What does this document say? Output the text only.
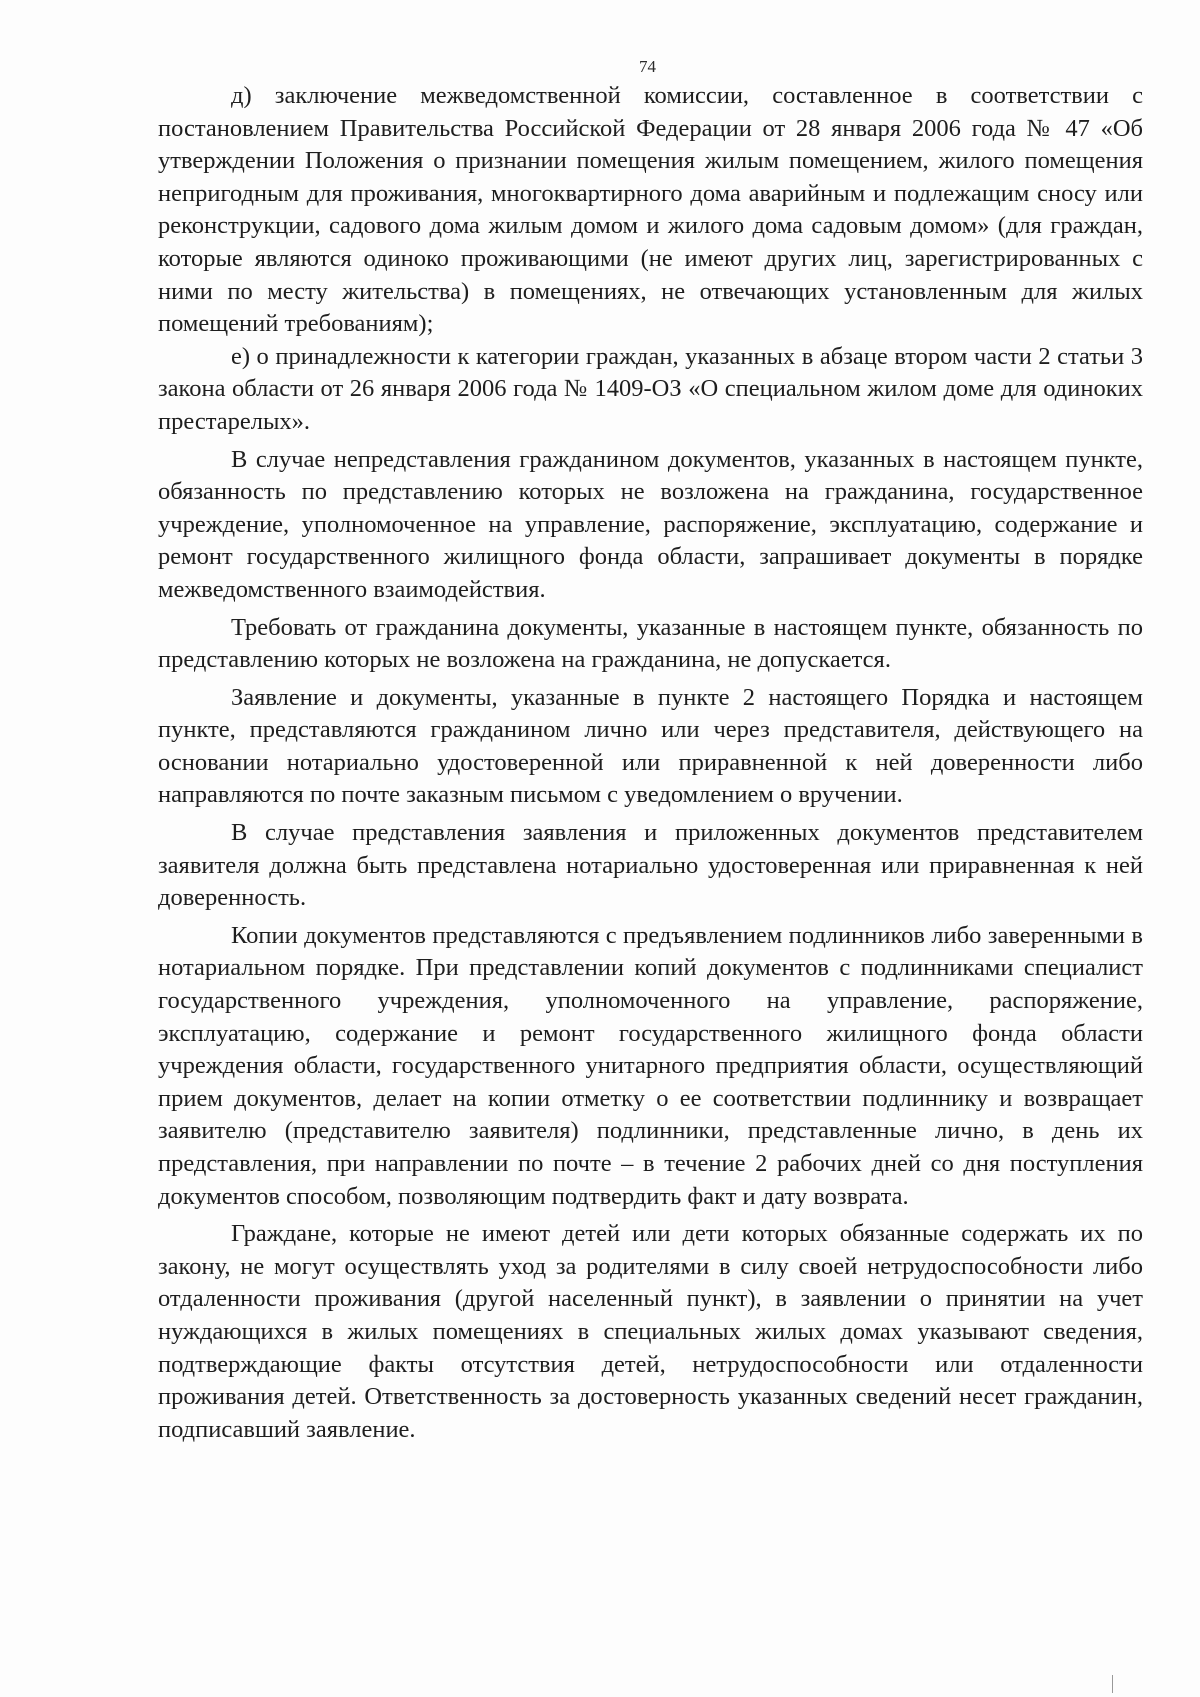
74

д) заключение межведомственной комиссии, составленное в соответствии с постановлением Правительства Российской Федерации от 28 января 2006 года № 47 «Об утверждении Положения о признании помещения жилым помещением, жилого помещения непригодным для проживания, многоквартирного дома аварийным и подлежащим сносу или реконструкции, садового дома жилым домом и жилого дома садовым домом» (для граждан, которые являются одиноко проживающими (не имеют других лиц, зарегистрированных с ними по месту жительства) в помещениях, не отвечающих установленным для жилых помещений требованиям);

е) о принадлежности к категории граждан, указанных в абзаце втором части 2 статьи 3 закона области от 26 января 2006 года № 1409-ОЗ «О специальном жилом доме для одиноких престарелых».

В случае непредставления гражданином документов, указанных в настоящем пункте, обязанность по представлению которых не возложена на гражданина, государственное учреждение, уполномоченное на управление, распоряжение, эксплуатацию, содержание и ремонт государственного жилищного фонда области, запрашивает документы в порядке межведомственного взаимодействия.

Требовать от гражданина документы, указанные в настоящем пункте, обязанность по представлению которых не возложена на гражданина, не допускается.

Заявление и документы, указанные в пункте 2 настоящего Порядка и настоящем пункте, представляются гражданином лично или через представителя, действующего на основании нотариально удостоверенной или приравненной к ней доверенности либо направляются по почте заказным письмом с уведомлением о вручении.

В случае представления заявления и приложенных документов представителем заявителя должна быть представлена нотариально удостоверенная или приравненная к ней доверенность.

Копии документов представляются с предъявлением подлинников либо заверенными в нотариальном порядке. При представлении копий документов с подлинниками специалист государственного учреждения, уполномоченного на управление, распоряжение, эксплуатацию, содержание и ремонт государственного жилищного фонда области учреждения области, государственного унитарного предприятия области, осуществляющий прием документов, делает на копии отметку о ее соответствии подлиннику и возвращает заявителю (представителю заявителя) подлинники, представленные лично, в день их представления, при направлении по почте – в течение 2 рабочих дней со дня поступления документов способом, позволяющим подтвердить факт и дату возврата.

Граждане, которые не имеют детей или дети которых обязанные содержать их по закону, не могут осуществлять уход за родителями в силу своей нетрудоспособности либо отдаленности проживания (другой населенный пункт), в заявлении о принятии на учет нуждающихся в жилых помещениях в специальных жилых домах указывают сведения, подтверждающие факты отсутствия детей, нетрудоспособности или отдаленности проживания детей. Ответственность за достоверность указанных сведений несет гражданин, подписавший заявление.
